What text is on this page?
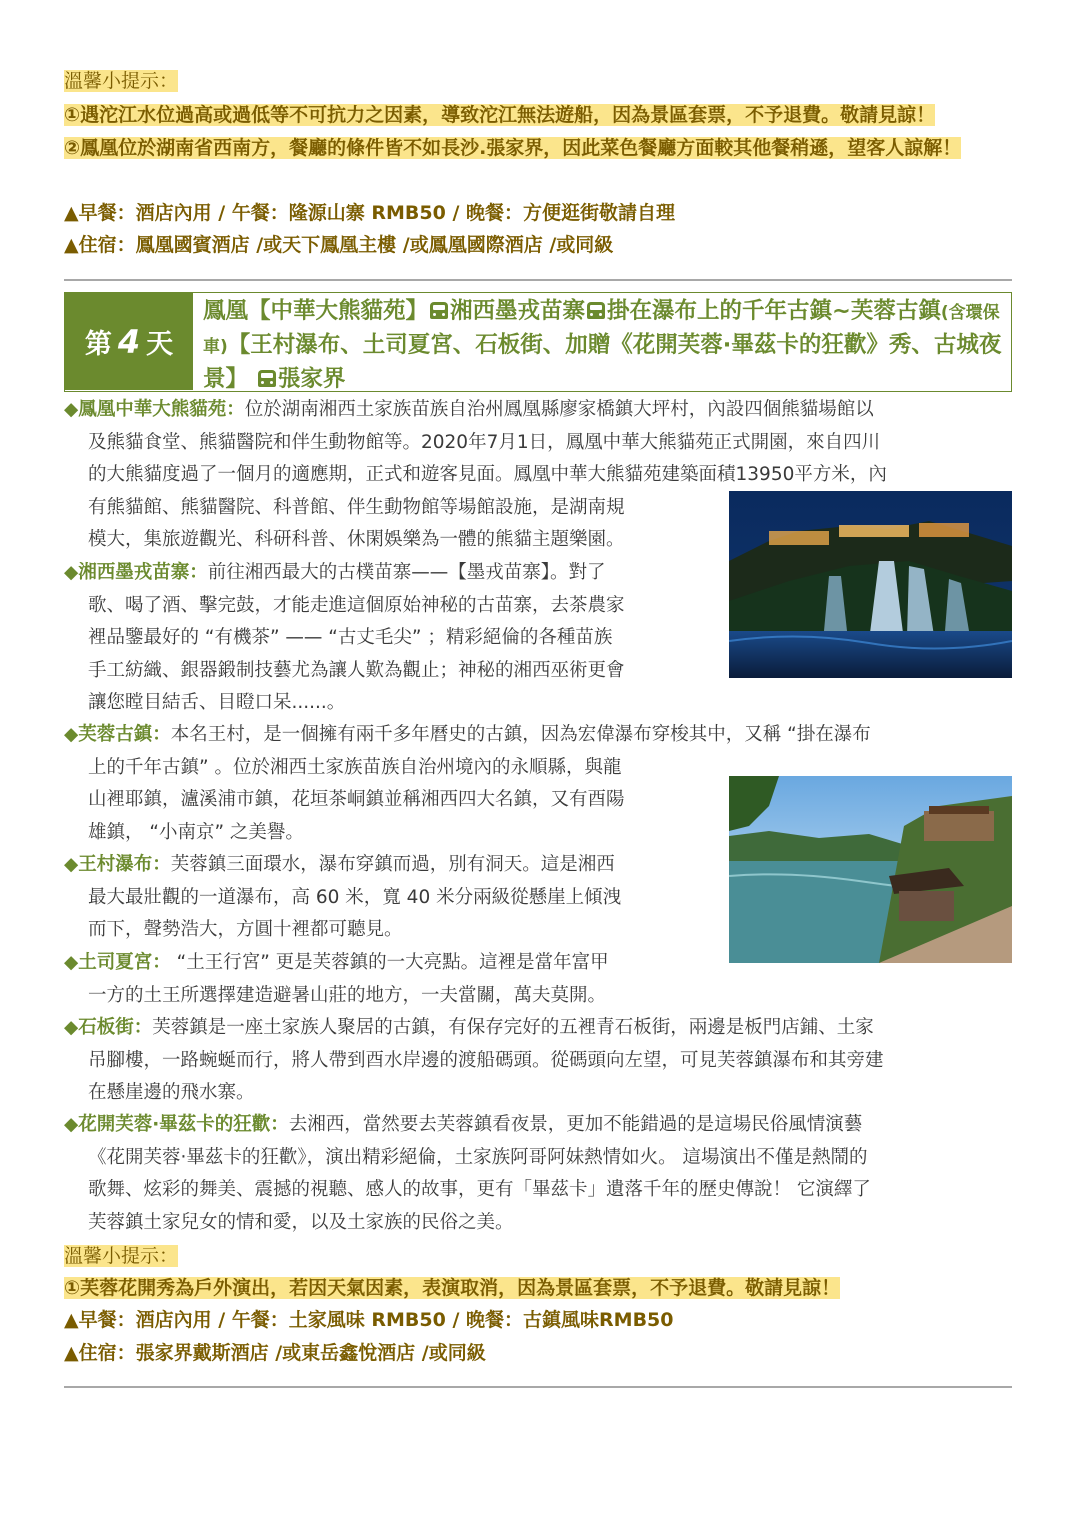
溫馨小提示：
①遇沱江水位過高或過低等不可抗力之因素，導致沱江無法遊船，因為景區套票，不予退費。敬請見諒！
②鳳凰位於湖南省西南方，餐廳的條件皆不如長沙.張家界，因此菜色餐廳方面較其他餐稍遜，望客人諒解！
▲早餐：酒店內用 / 午餐：隆源山寨 RMB50 / 晚餐：方便逛街敬請自理
▲住宿：鳳凰國賓酒店 /或天下鳳凰主樓 /或鳳凰國際酒店 /或同級
第 4 天
鳳凰【中華大熊貓苑】 湘西墨戎苗寨 掛在瀑布上的千年古鎮~芙蓉古鎮(含環保車)【王村瀑布、土司夏宮、石板街、加贈《花開芙蓉·畢茲卡的狂歡》秀、古城夜景】 張家界
◆鳳凰中華大熊貓苑：位於湖南湘西土家族苗族自治州鳳凰縣廖家橋鎮大坪村，內設四個熊貓場館以
及熊貓食堂、熊貓醫院和伴生動物館等。2020年7月1日，鳳凰中華大熊貓苑正式開園，來自四川
的大熊貓度過了一個月的適應期，正式和遊客見面。鳳凰中華大熊貓苑建築面積13950平方米，內
有熊貓館、熊貓醫院、科普館、伴生動物館等場館設施，是湖南規
模大，集旅遊觀光、科研科普、休閑娛樂為一體的熊貓主題樂園。
◆湘西墨戎苗寨：前往湘西最大的古樸苗寨——【墨戎苗寨】。對了
歌、喝了酒、擊完鼓，才能走進這個原始神秘的古苗寨，去茶農家
裡品鑒最好的 “有機茶” —— “古丈毛尖” ；精彩絕倫的各種苗族
手工紡織、銀器鍛制技藝尤為讓人歎為觀止；神秘的湘西巫術更會
讓您瞠目結舌、目瞪口呆......。
◆芙蓉古鎮：本名王村，是一個擁有兩千多年曆史的古鎮，因為宏偉瀑布穿梭其中，又稱 “掛在瀑布
上的千年古鎮” 。位於湘西土家族苗族自治州境內的永順縣，與龍
山裡耶鎮，瀘溪浦市鎮，花垣茶峒鎮並稱湘西四大名鎮，又有酉陽
雄鎮， “小南京” 之美譽。
◆王村瀑布：芙蓉鎮三面環水，瀑布穿鎮而過，別有洞天。這是湘西
最大最壯觀的一道瀑布，高 60 米，寬 40 米分兩級從懸崖上傾洩
而下，聲勢浩大，方圓十裡都可聽見。
◆土司夏宮： “土王行宮” 更是芙蓉鎮的一大亮點。這裡是當年富甲
一方的土王所選擇建造避暑山莊的地方，一夫當關，萬夫莫開。
◆石板街：芙蓉鎮是一座土家族人聚居的古鎮，有保存完好的五裡青石板街，兩邊是板門店鋪、土家
吊腳樓，一路蜿蜒而行，將人帶到酉水岸邊的渡船碼頭。從碼頭向左望，可見芙蓉鎮瀑布和其旁建
在懸崖邊的飛水寨。
◆花開芙蓉·畢茲卡的狂歡：去湘西，當然要去芙蓉鎮看夜景，更加不能錯過的是這場民俗風情演藝
《花開芙蓉·畢茲卡的狂歡》，演出精彩絕倫，土家族阿哥阿妹熱情如火。 這場演出不僅是熱鬧的
歌舞、炫彩的舞美、震撼的視聽、感人的故事，更有「畢茲卡」遺落千年的歷史傳說！ 它演繹了
芙蓉鎮土家兒女的情和愛，以及土家族的民俗之美。
溫馨小提示：
①芙蓉花開秀為戶外演出，若因天氣因素，表演取消，因為景區套票，不予退費。敬請見諒！
▲早餐：酒店內用 / 午餐：土家風味 RMB50 / 晚餐：古鎮風味RMB50
▲住宿：張家界戴斯酒店 /或東岳鑫悅酒店 /或同級
